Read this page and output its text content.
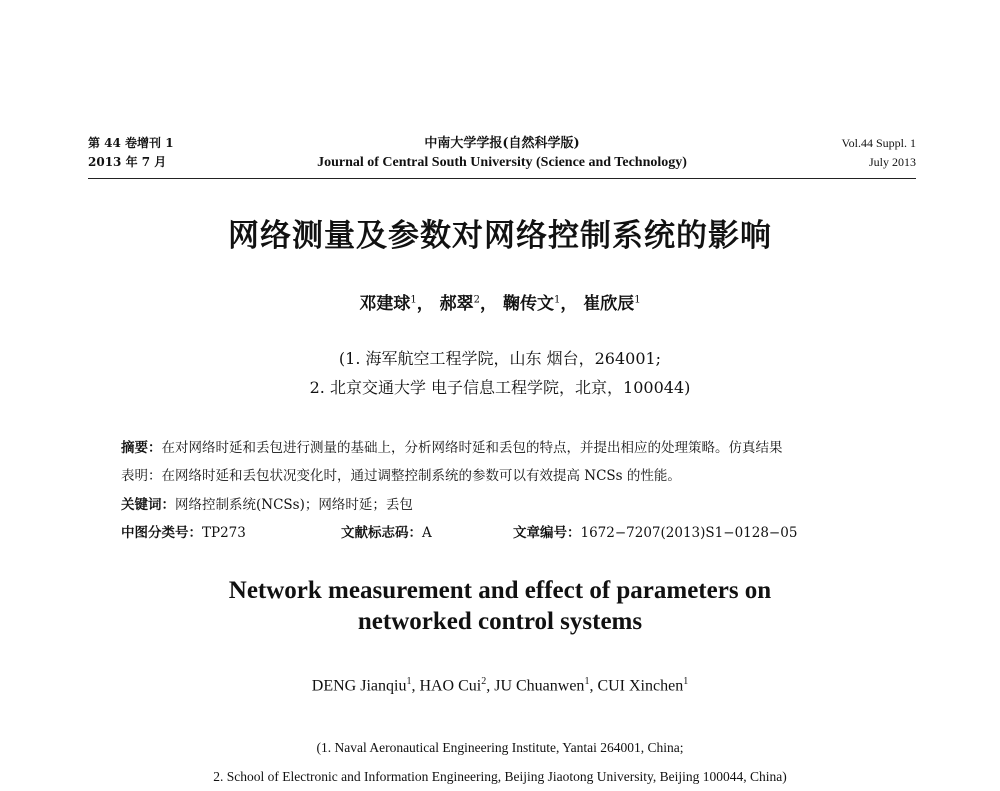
第 44 卷增刊 1
2013 年 7 月
中南大学学报(自然科学版)
Journal of Central South University (Science and Technology)
Vol.44 Suppl. 1
July 2013
网络测量及参数对网络控制系统的影响
邓建球$^1$， 郝翠$^2$， 鞠传文$^1$， 崔欣辰$^1$
(1. 海军航空工程学院，山东 烟台，264001;
2. 北京交通大学 电子信息工程学院，北京，100044)
摘要：在对网络时延和丢包进行测量的基础上，分析网络时延和丢包的特点，并提出相应的处理策略。仿真结果
表明：在网络时延和丢包状况变化时，通过调整控制系统的参数可以有效提高 NCSs 的性能。
关键词：网络控制系统(NCSs)；网络时延；丢包
中图分类号：TP273	文献标志码：A	文章编号：1672−7207(2013)S1−0128−05
Network measurement and effect of parameters on
networked control systems
DENG Jianqiu$^1$, HAO Cui$^2$, JU Chuanwen$^1$, CUI Xinchen$^1$
(1. Naval Aeronautical Engineering Institute, Yantai 264001, China;
2. School of Electronic and Information Engineering, Beijing Jiaotong University, Beijing 100044, China)
